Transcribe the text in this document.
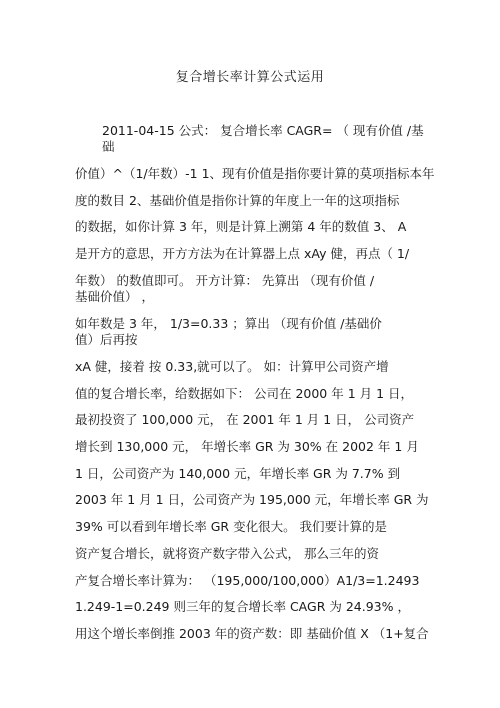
复合增长率计算公式运用
2011-04-15 公式： 复合增长率 CAGR= （ 现有价值 /基
础
价值）^（1/年数）-1 1、现有价值是指你要计算的莫项指标本年
度的数目 2、基础价值是指你计算的年度上一年的这项指标
的数据，如你计算 3 年，则是计算上溯第 4 年的数值 3、 A
是开方的意思，开方方法为在计算器上点 xAy 健，再点（ 1/
年数） 的数值即可。 开方计算： 先算出 （现有价值 /
基础价值） ，
如年数是 3 年， 1/3=0.33 ；算出 （现有价值 /基础价
值）后再按
xA 健，接着 按 0.33,就可以了。 如：计算甲公司资产增
值的复合增长率，给数据如下： 公司在 2000 年 1 月 1 日，
最初投资了 100,000 元， 在 2001 年 1 月 1 日， 公司资产
增长到 130,000 元， 年增长率 GR 为 30% 在 2002 年 1 月
1 日，公司资产为 140,000 元，年增长率 GR 为 7.7% 到
2003 年 1 月 1 日，公司资产为 195,000 元，年增长率 GR 为
39% 可以看到年增长率 GR 变化很大。 我们要计算的是
资产复合增长，就将资产数字带入公式， 那么三年的资
产复合增长率计算为： （195,000/100,000）A1/3=1.2493
1.249-1=0.249 则三年的复合增长率 CAGR 为 24.93% ，
用这个增长率倒推 2003 年的资产数：即 基础价值 X （1+复合
